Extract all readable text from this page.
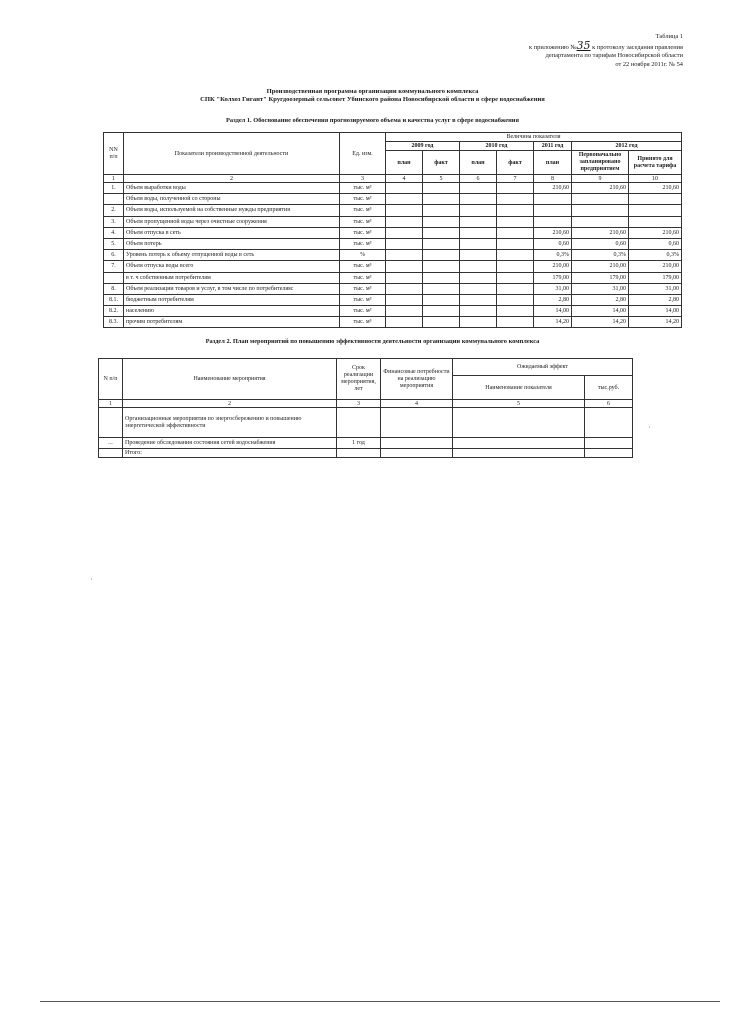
Таблица 1
к приложению №35 к протоколу заседания правления
департамента по тарифам Новосибирской области
от 22 ноября 2011г. № 54
Производственная программа организации коммунального комплекса
СПК "Колхоз Гигант" Кругдоозерный сельсовет Убинского района Новосибирской области в сфере водоснабжения
Раздел 1. Обоснование обеспечения прогнозируемого объема и качества услуг в сфере водоснабжения
NN п/п	Показатели производственной деятельности	Ед. изм.	Величина показателя						
			2009 год		2010 год		2011 год	2012 год	
			план	факт	план	факт	план	Первоначально запланировано предприятием	Принято для расчета тарифа
1	2	3	4	5	6	7	8	9	10
1.	Объем выработки воды	тыс. м³					210,60	210,60	210,60
	Объем воды, полученной со стороны	тыс. м³							
2.	Объем воды, используемой на собственные нужды предприятия	тыс. м³							
3.	Объем пропущенной воды через очистные сооружения	тыс. м³							
4.	Объем отпуска в сеть	тыс. м³					210,60	210,60	210,60
5.	Объем потерь	тыс. м³					0,60	0,60	0,60
6.	Уровень потерь к объему отпущенной воды в сеть	%					0,3%	0,3%	0,3%
7.	Объем отпуска воды всего	тыс. м³					210,00	210,00	210,00
	в т. ч собственным потребителям	тыс. м³					179,00	179,00	179,00
8.	Объем реализации товаров и услуг, в том числе по потребителям:	тыс. м³					31,00	31,00	31,00
8.1.	бюджетным потребителям	тыс. м³					2,80	2,80	2,80
8.2.	населению	тыс. м³					14,00	14,00	14,00
8.3.	прочим потребителям	тыс. м³					14,20	14,20	14,20
Раздел 2. План мероприятий по повышению эффективности деятельности организации коммунального комплекса
N п/п	Наименование мероприятия	Срок реализации мероприятия, лет	Финансовые потребности на реализацию мероприятия	Ожидаемый эффект	
				Наименование показателя	тыс.руб.
1	2	3	4	5	6
	Организационные мероприятия по энергосбережению и повышению энергетической эффективности				
...	Проведение обследования состояния сетей водоснабжения	1 год			
	Итого:				
·
·
